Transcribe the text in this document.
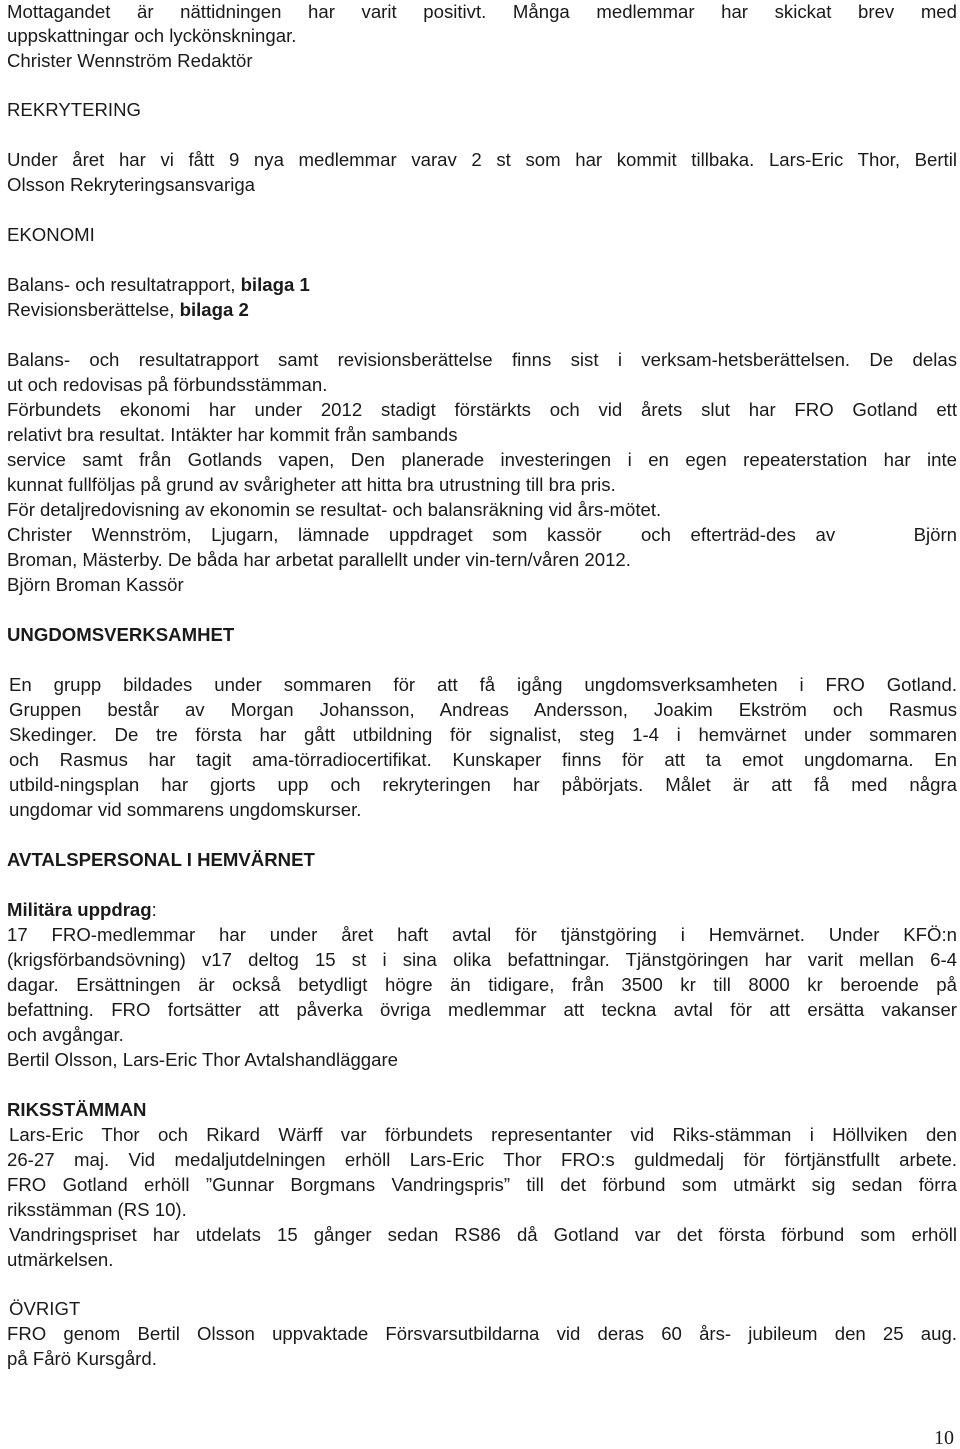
Mottagandet är nättidningen har varit positivt. Många medlemmar har skickat brev med
uppskattningar och lyckönskningar.
Christer Wennström Redaktör
REKRYTERING
Under året har vi fått 9 nya medlemmar varav 2 st som har kommit tillbaka. Lars-Eric Thor, Bertil
Olsson Rekryteringsansvariga
EKONOMI
Balans- och resultatrapport, bilaga 1
Revisionsberättelse, bilaga 2
Balans- och resultatrapport samt revisionsberättelse finns sist i verksam-hetsberättelsen. De delas
ut och redovisas på förbundsstämman.
Förbundets ekonomi har under 2012 stadigt förstärkts och vid årets slut har FRO Gotland ett
relativt bra resultat. Intäkter har kommit från sambands
service samt från Gotlands vapen, Den planerade investeringen i en egen repeaterstation har inte
kunnat fullföljas på grund av svårigheter att hitta bra utrustning till bra pris.
För detaljredovisning av ekonomin se resultat- och balansräkning vid års-mötet.
Christer Wennström, Ljugarn, lämnade uppdraget som kassör  och efterträd-des av    Björn
Broman, Mästerby. De båda har arbetat parallellt under vin-tern/våren 2012.
Björn Broman Kassör
UNGDOMSVERKSAMHET
En grupp bildades under sommaren för att få igång ungdomsverksamheten i FRO Gotland.
Gruppen består av Morgan Johansson, Andreas Andersson, Joakim Ekström och Rasmus
Skedinger. De tre första har gått utbildning för signalist, steg 1-4 i hemvärnet under sommaren
och Rasmus har tagit ama-törradiocertifikat. Kunskaper finns för att ta emot ungdomarna. En
utbild-ningsplan har gjorts upp och rekryteringen har påbörjats. Målet är att få med några
ungdomar vid sommarens ungdomskurser.
AVTALSPERSONAL I HEMVÄRNET
Militära uppdrag:
17 FRO-medlemmar har under året haft avtal för tjänstgöring i Hemvärnet. Under KFÖ:n
(krigsförbandsövning) v17 deltog 15 st i sina olika befattningar. Tjänstgöringen har varit mellan 6-4
dagar. Ersättningen är också betydligt högre än tidigare, från 3500 kr till 8000 kr beroende på
befattning. FRO fortsätter att påverka övriga medlemmar att teckna avtal för att ersätta vakanser
och avgångar.
Bertil Olsson, Lars-Eric Thor Avtalshandläggare
RIKSSTÄMMAN
Lars-Eric Thor och Rikard Wärff var förbundets representanter vid Riks-stämman i Höllviken den
26-27 maj. Vid medaljutdelningen erhöll Lars-Eric Thor FRO:s guldmedalj för förtjänstfullt arbete.
FRO Gotland erhöll ”Gunnar Borgmans Vandringspris” till det förbund som utmärkt sig sedan förra
riksstämman (RS 10).
Vandringspriset har utdelats 15 gånger sedan RS86 då Gotland var det första förbund som erhöll
utmärkelsen.
ÖVRIGT
FRO genom Bertil Olsson uppvaktade Försvarsutbildarna vid deras 60 års- jubileum den 25 aug.
på Fårö Kursgård.
10
